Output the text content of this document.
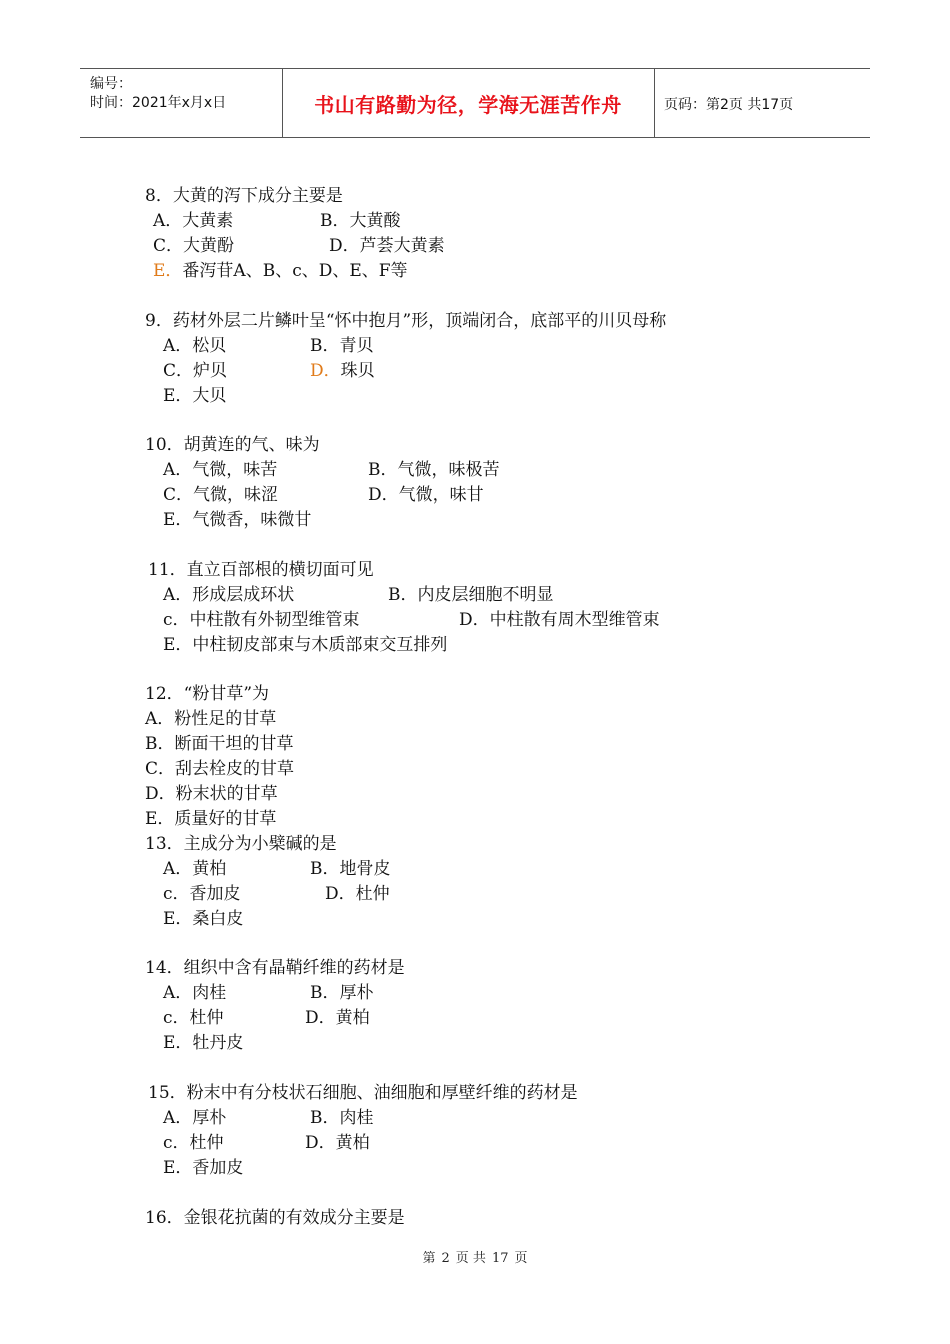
编号：
时间：2021年x月x日	书山有路勤为径，学海无涯苦作舟	页码：第2页 共17页
8．大黄的泻下成分主要是
A．大黄素	B．大黄酸
C．大黄酚	D．芦荟大黄素
E．番泻苷A、B、c、D、E、F等
9．药材外层二片鳞叶呈“怀中抱月”形，顶端闭合，底部平的川贝母称
A．松贝	B．青贝
C．炉贝	D．珠贝
E．大贝
10．胡黄连的气、味为
A．气微，味苦	B．气微，味极苦
C．气微，味涩	D．气微，味甘
E．气微香，味微甘
11．直立百部根的横切面可见
A．形成层成环状	B．内皮层细胞不明显
c．中柱散有外韧型维管束	D．中柱散有周木型维管束
E．中柱韧皮部束与木质部束交互排列
12．“粉甘草”为
A．粉性足的甘草
B．断面干坦的甘草
C．刮去栓皮的甘草
D．粉末状的甘草
E．质量好的甘草
13．主成分为小檗碱的是
A．黄柏	B．地骨皮
c．香加皮	D．杜仲
E．桑白皮
14．组织中含有晶鞘纤维的药材是
A．肉桂	B．厚朴
c．杜仲	D．黄柏
E．牡丹皮
15．粉末中有分枝状石细胞、油细胞和厚壁纤维的药材是
A．厚朴	B．肉桂
c．杜仲	D．黄柏
E．香加皮
16．金银花抗菌的有效成分主要是
第 2 页 共 17 页
